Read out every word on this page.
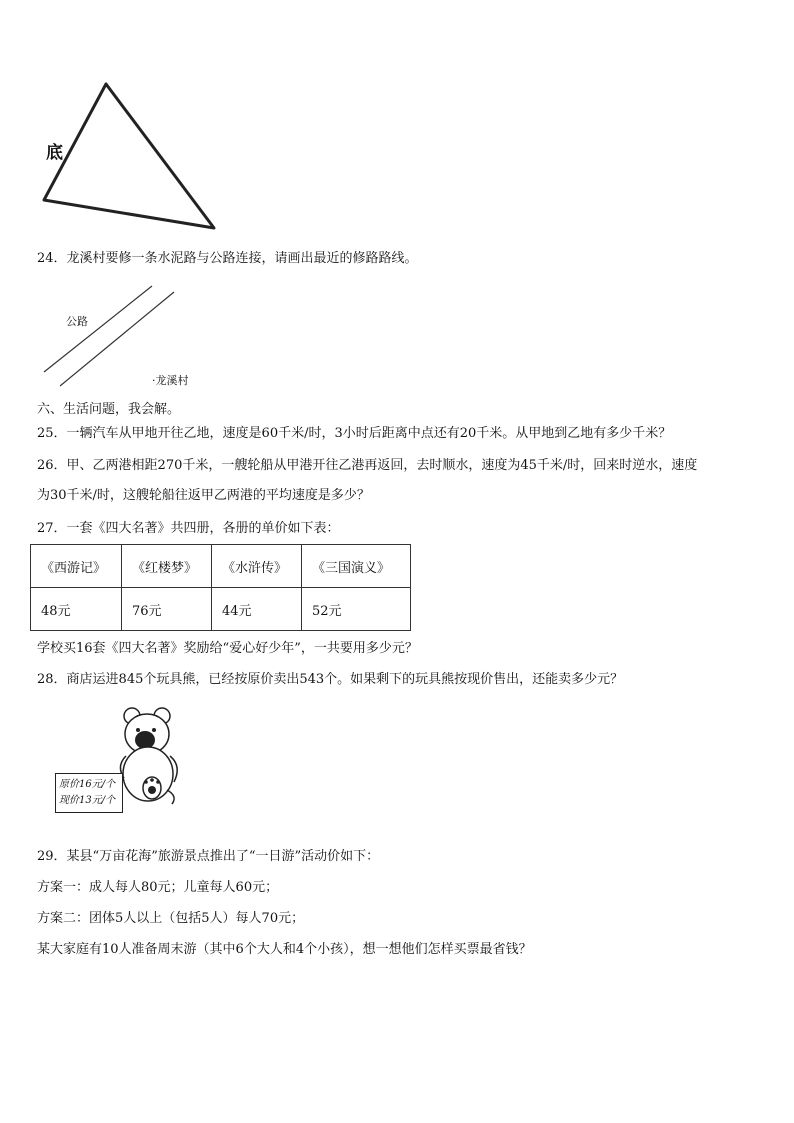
底
24．龙溪村要修一条水泥路与公路连接，请画出最近的修路路线。
公路
·龙溪村
六、生活问题，我会解。
25．一辆汽车从甲地开往乙地，速度是60千米/时，3小时后距离中点还有20千米。从甲地到乙地有多少千米？
26．甲、乙两港相距270千米，一艘轮船从甲港开往乙港再返回，去时顺水，速度为45千米/时，回来时逆水，速度
为30千米/时，这艘轮船往返甲乙两港的平均速度是多少？
27．一套《四大名著》共四册，各册的单价如下表：
《西游记》	《红楼梦》	《水浒传》	《三国演义》
48元	76元	44元	52元
学校买16套《四大名著》奖励给“爱心好少年”，一共要用多少元？
28．商店运进845个玩具熊，已经按原价卖出543个。如果剩下的玩具熊按现价售出，还能卖多少元？
原价16元/个
现价13元/个
29．某县“万亩花海”旅游景点推出了“一日游”活动价如下：
方案一：成人每人80元；儿童每人60元；
方案二：团体5人以上（包括5人）每人70元；
某大家庭有10人准备周末游（其中6个大人和4个小孩），想一想他们怎样买票最省钱？
